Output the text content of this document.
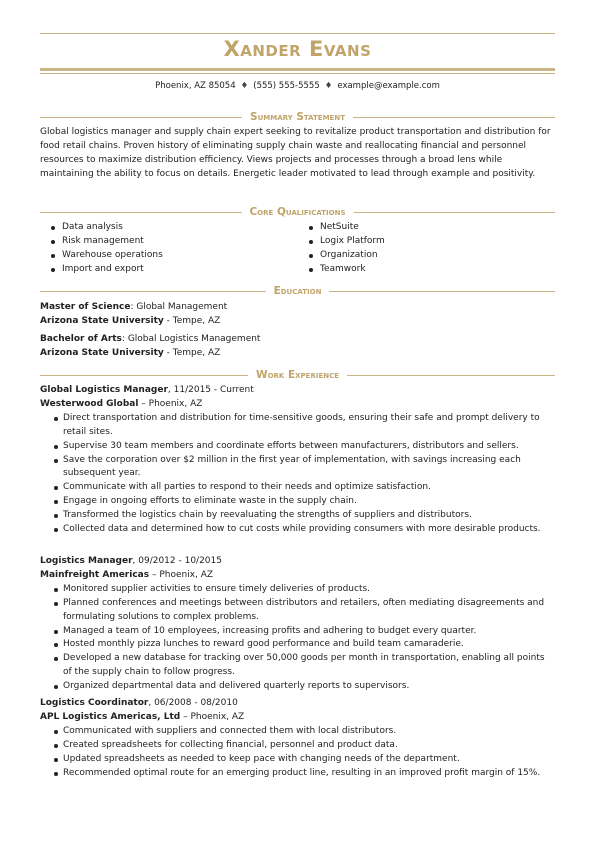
Xander Evans
Phoenix, AZ 85054 ♦ (555) 555-5555 ♦ example@example.com
Summary Statement
Global logistics manager and supply chain expert seeking to revitalize product transportation and distribution for food retail chains. Proven history of eliminating supply chain waste and reallocating financial and personnel resources to maximize distribution efficiency. Views projects and processes through a broad lens while maintaining the ability to focus on details. Energetic leader motivated to lead through example and positivity.
Core Qualifications
Data analysis
Risk management
Warehouse operations
Import and export
NetSuite
Logix Platform
Organization
Teamwork
Education
Master of Science: Global Management
Arizona State University - Tempe, AZ
Bachelor of Arts: Global Logistics Management
Arizona State University - Tempe, AZ
Work Experience
Global Logistics Manager, 11/2015 - Current
Westerwood Global – Phoenix, AZ
Direct transportation and distribution for time-sensitive goods, ensuring their safe and prompt delivery to retail sites.
Supervise 30 team members and coordinate efforts between manufacturers, distributors and sellers.
Save the corporation over $2 million in the first year of implementation, with savings increasing each subsequent year.
Communicate with all parties to respond to their needs and optimize satisfaction.
Engage in ongoing efforts to eliminate waste in the supply chain.
Transformed the logistics chain by reevaluating the strengths of suppliers and distributors.
Collected data and determined how to cut costs while providing consumers with more desirable products.
Logistics Manager, 09/2012 - 10/2015
Mainfreight Americas – Phoenix, AZ
Monitored supplier activities to ensure timely deliveries of products.
Planned conferences and meetings between distributors and retailers, often mediating disagreements and formulating solutions to complex problems.
Managed a team of 10 employees, increasing profits and adhering to budget every quarter.
Hosted monthly pizza lunches to reward good performance and build team camaraderie.
Developed a new database for tracking over 50,000 goods per month in transportation, enabling all points of the supply chain to follow progress.
Organized departmental data and delivered quarterly reports to supervisors.
Logistics Coordinator, 06/2008 - 08/2010
APL Logistics Americas, Ltd – Phoenix, AZ
Communicated with suppliers and connected them with local distributors.
Created spreadsheets for collecting financial, personnel and product data.
Updated spreadsheets as needed to keep pace with changing needs of the department.
Recommended optimal route for an emerging product line, resulting in an improved profit margin of 15%.
